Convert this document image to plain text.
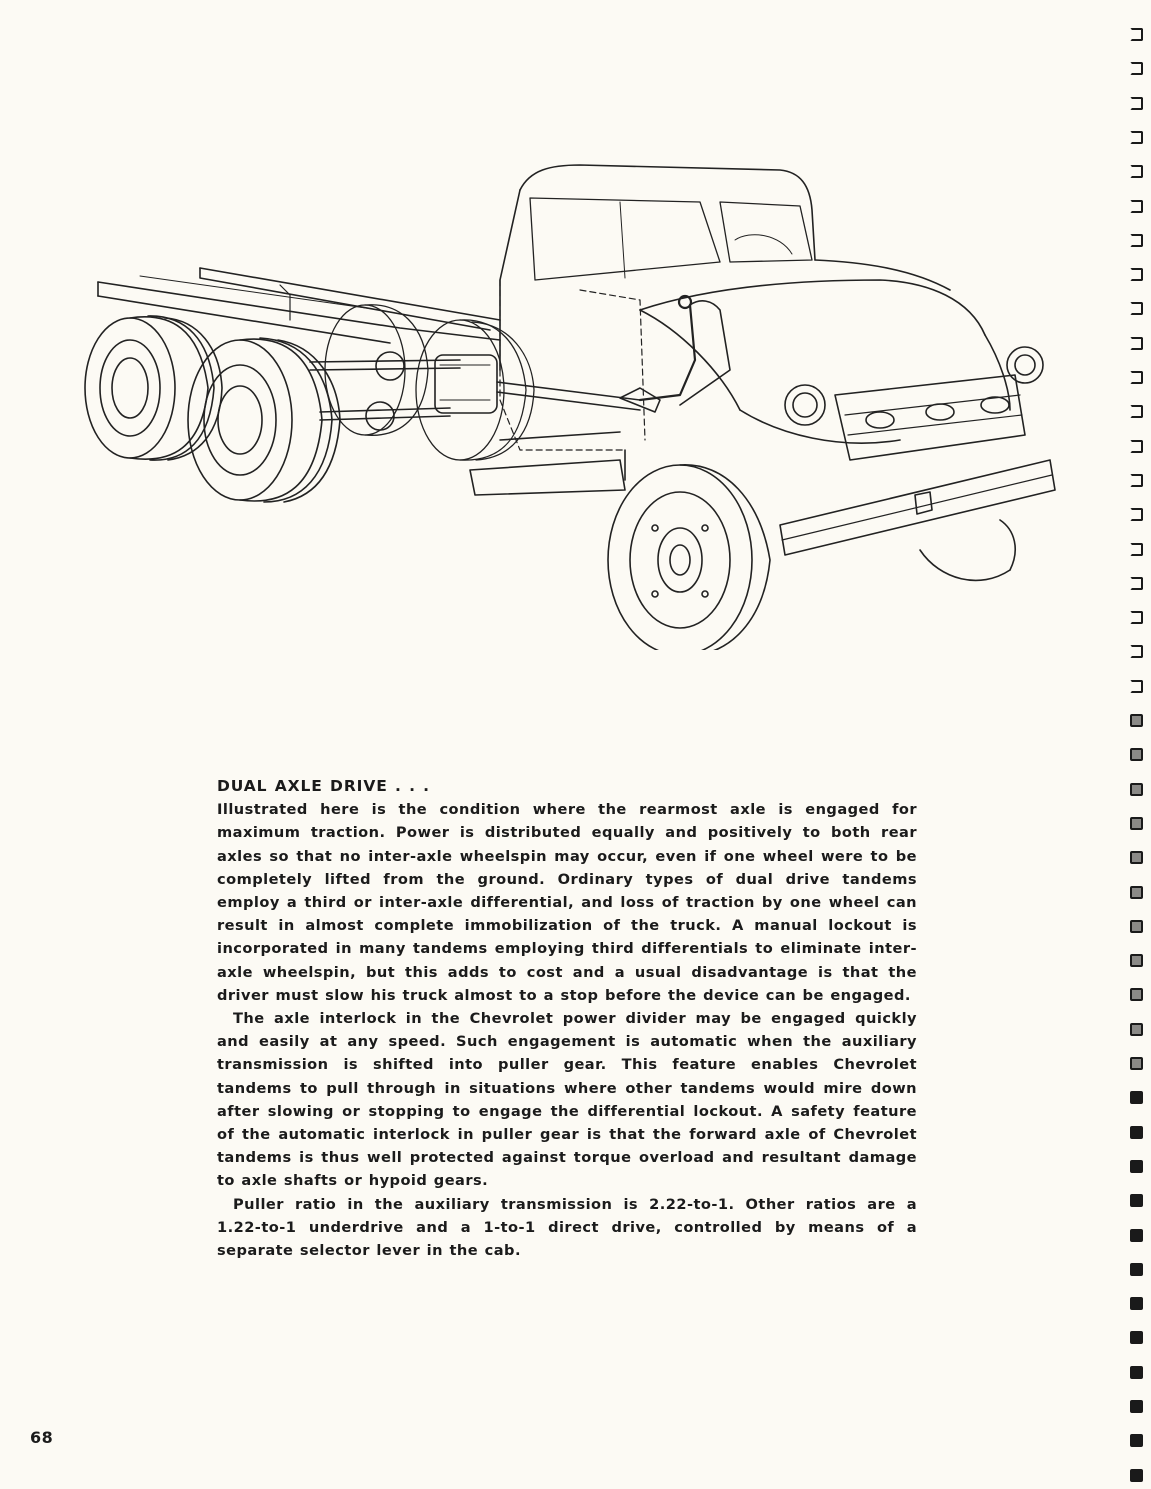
DUAL AXLE DRIVE . . .

Illustrated here is the condition where the rearmost axle is engaged for maximum traction. Power is distributed equally and positively to both rear axles so that no inter-axle wheelspin may occur, even if one wheel were to be completely lifted from the ground. Ordinary types of dual drive tandems employ a third or inter-axle differential, and loss of traction by one wheel can result in almost complete immobilization of the truck. A manual lockout is incorporated in many tandems employing third differentials to eliminate inter-axle wheelspin, but this adds to cost and a usual disadvantage is that the driver must slow his truck almost to a stop before the device can be engaged.

The axle interlock in the Chevrolet power divider may be engaged quickly and easily at any speed. Such engagement is automatic when the auxiliary transmission is shifted into puller gear. This feature enables Chevrolet tandems to pull through in situations where other tandems would mire down after slowing or stopping to engage the differential lockout. A safety feature of the automatic interlock in puller gear is that the forward axle of Chevrolet tandems is thus well protected against torque overload and resultant damage to axle shafts or hypoid gears.

Puller ratio in the auxiliary transmission is 2.22-to-1. Other ratios are a 1.22-to-1 underdrive and a 1-to-1 direct drive, controlled by means of a separate selector lever in the cab.

68
